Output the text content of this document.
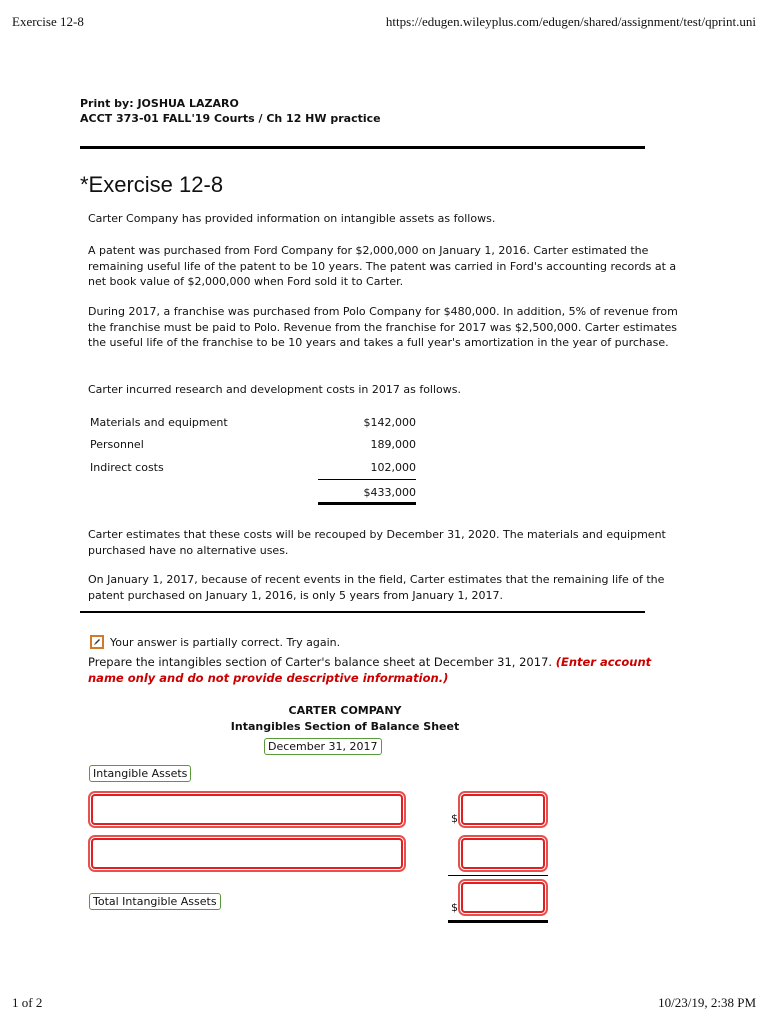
Exercise 12-8	https://edugen.wileyplus.com/edugen/shared/assignment/test/qprint.uni
Print by: JOSHUA LAZARO
ACCT 373-01 FALL'19 Courts / Ch 12 HW practice
*Exercise 12-8

Carter Company has provided information on intangible assets as follows.

A patent was purchased from Ford Company for $2,000,000 on January 1, 2016. Carter estimated the remaining useful life of the patent to be 10 years. The patent was carried in Ford's accounting records at a net book value of $2,000,000 when Ford sold it to Carter.

During 2017, a franchise was purchased from Polo Company for $480,000. In addition, 5% of revenue from the franchise must be paid to Polo. Revenue from the franchise for 2017 was $2,500,000. Carter estimates the useful life of the franchise to be 10 years and takes a full year's amortization in the year of purchase.

Carter incurred research and development costs in 2017 as follows.

Materials and equipment	$142,000
Personnel	189,000
Indirect costs	102,000
$433,000

Carter estimates that these costs will be recouped by December 31, 2020. The materials and equipment purchased have no alternative uses.

On January 1, 2017, because of recent events in the field, Carter estimates that the remaining life of the patent purchased on January 1, 2016, is only 5 years from January 1, 2017.

Your answer is partially correct. Try again.

Prepare the intangibles section of Carter's balance sheet at December 31, 2017. (Enter account name only and do not provide descriptive information.)

CARTER COMPANY
Intangibles Section of Balance Sheet
December 31, 2017
Intangible Assets
$
Total Intangible Assets	$
1 of 2	10/23/19, 2:38 PM
